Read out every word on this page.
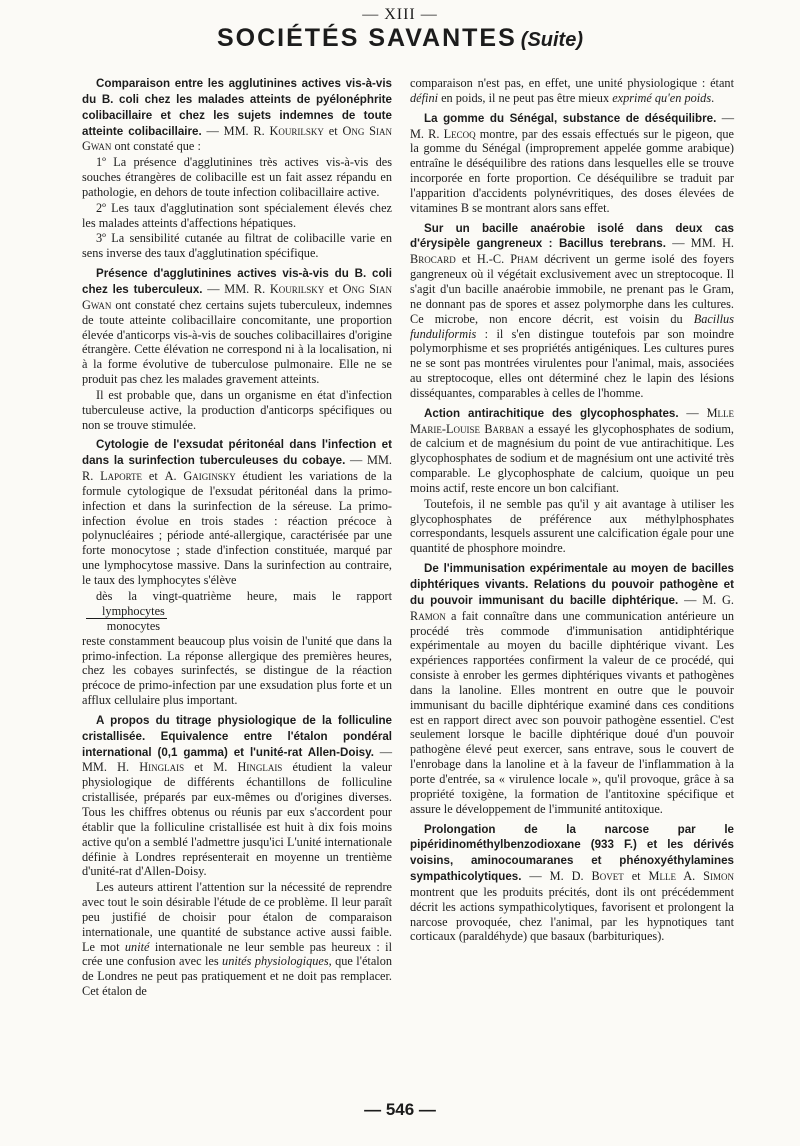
— XIII —
SOCIÉTÉS SAVANTES (Suite)

Comparaison entre les agglutinines actives vis-à-vis du B. coli chez les malades atteints de pyélonéphrite colibacillaire et chez les sujets indemnes de toute atteinte colibacillaire. — MM. R. Kourilsky et Ong Sian Gwan ont constaté que :

1º La présence d'agglutinines très actives vis-à-vis des souches étrangères de colibacille est un fait assez répandu en pathologie, en dehors de toute infection colibacillaire active.

2º Les taux d'agglutination sont spécialement élevés chez les malades atteints d'affections hépatiques.

3º La sensibilité cutanée au filtrat de colibacille varie en sens inverse des taux d'agglutination spécifique.

Présence d'agglutinines actives vis-à-vis du B. coli chez les tuberculeux. — MM. R. Kourilsky et Ong Sian Gwan ont constaté chez certains sujets tuberculeux, indemnes de toute atteinte colibacillaire concomitante, une proportion élevée d'anticorps vis-à-vis de souches colibacillaires d'origine étrangère. Cette élévation ne correspond ni à la localisation, ni à la forme évolutive de tuberculose pulmonaire. Elle ne se produit pas chez les malades gravement atteints.

Il est probable que, dans un organisme en état d'infection tuberculeuse active, la production d'anticorps spécifiques ou non se trouve stimulée.

Cytologie de l'exsudat péritonéal dans l'infection et dans la surinfection tuberculeuses du cobaye. — MM. R. Laporte et A. Gaiginsky étudient les variations de la formule cytologique de l'exsudat péritonéal dans la primo-infection et dans la surinfection de la séreuse. La primo-infection évolue en trois stades : réaction précoce à polynucléaires ; période anté-allergique, caractérisée par une forte monocytose ; stade d'infection constituée, marqué par une lymphocytose massive. Dans la surinfection au contraire, le taux des lymphocytes s'élève

dès la vingt-quatrième heure, mais le rapport
$\frac{\text{lymphocytes}}{\text{monocytes}}$

reste constamment beaucoup plus voisin de l'unité que dans la primo-infection. La réponse allergique des premières heures, chez les cobayes surinfectés, se distingue de la réaction précoce de primo-infection par une exsudation plus forte et un afflux cellulaire plus important.

A propos du titrage physiologique de la folliculine cristallisée. Equivalence entre l'étalon pondéral international (0,1 gamma) et l'unité-rat Allen-Doisy. — MM. H. Hinglais et M. Hinglais étudient la valeur physiologique de différents échantillons de folliculine cristallisée, préparés par eux-mêmes ou d'origines diverses. Tous les chiffres obtenus ou réunis par eux s'accordent pour établir que la folliculine cristallisée est huit à dix fois moins active qu'on a semblé l'admettre jusqu'ici L'unité internationale définie à Londres représenterait en moyenne un trentième d'unité-rat d'Allen-Doisy.

Les auteurs attirent l'attention sur la nécessité de reprendre avec tout le soin désirable l'étude de ce problème. Il leur paraît peu justifié de choisir pour étalon de comparaison internationale, une quantité de substance active aussi faible. Le mot unité internationale ne leur semble pas heureux : il crée une confusion avec les unités physiologiques, que l'étalon de Londres ne peut pas pratiquement et ne doit pas remplacer. Cet étalon de

comparaison n'est pas, en effet, une unité physiologique : étant défini en poids, il ne peut pas être mieux exprimé qu'en poids.

La gomme du Sénégal, substance de déséquilibre. — M. R. Lecoq montre, par des essais effectués sur le pigeon, que la gomme du Sénégal (improprement appelée gomme arabique) entraîne le déséquilibre des rations dans lesquelles elle se trouve incorporée en forte proportion. Ce déséquilibre se traduit par l'apparition d'accidents polynévritiques, des doses élevées de vitamines B se montrant alors sans effet.

Sur un bacille anaérobie isolé dans deux cas d'érysipèle gangreneux : Bacillus terebrans. — MM. H. Brocard et H.-C. Pham décrivent un germe isolé des foyers gangreneux où il végétait exclusivement avec un streptocoque. Il s'agit d'un bacille anaérobie immobile, ne prenant pas le Gram, ne donnant pas de spores et assez polymorphe dans les cultures. Ce microbe, non encore décrit, est voisin du Bacillus funduliformis : il s'en distingue toutefois par son moindre polymorphisme et ses propriétés antigéniques. Les cultures pures ne se sont pas montrées virulentes pour l'animal, mais, associées au streptocoque, elles ont déterminé chez le lapin des lésions disséquantes, comparables à celles de l'homme.

Action antirachitique des glycophosphates. — Mlle Marie-Louise Barban a essayé les glycophosphates de sodium, de calcium et de magnésium du point de vue antirachitique. Les glycophosphates de sodium et de magnésium ont une activité très comparable. Le glycophosphate de calcium, quoique un peu moins actif, reste encore un bon calcifiant.

Toutefois, il ne semble pas qu'il y ait avantage à utiliser les glycophosphates de préférence aux méthylphosphates correspondants, lesquels assurent une calcification égale pour une quantité de phosphore moindre.

De l'immunisation expérimentale au moyen de bacilles diphtériques vivants. Relations du pouvoir pathogène et du pouvoir immunisant du bacille diphtérique. — M. G. Ramon a fait connaître dans une communication antérieure un procédé très commode d'immunisation antidiphtérique expérimentale au moyen du bacille diphtérique vivant. Les expériences rapportées confirment la valeur de ce procédé, qui consiste à enrober les germes diphtériques vivants et pathogènes dans la lanoline. Elles montrent en outre que le pouvoir immunisant du bacille diphtérique examiné dans ces conditions est en rapport direct avec son pouvoir pathogène essentiel. C'est seulement lorsque le bacille diphtérique doué d'un pouvoir pathogène élevé peut exercer, sans entrave, sous le couvert de l'enrobage dans la lanoline et à la faveur de l'inflammation à la porte d'entrée, sa « virulence locale », qu'il provoque, grâce à sa propriété toxigène, la formation de l'antitoxine spécifique et assure le développement de l'immunité antitoxique.

Prolongation de la narcose par le pipéridinométhylbenzodioxane (933 F.) et les dérivés voisins, aminocoumaranes et phénoxyéthylamines sympathicolytiques. — M. D. Bovet et Mlle A. Simon montrent que les produits précités, dont ils ont précédemment décrit les actions sympathicolytiques, favorisent et prolongent la narcose provoquée, chez l'animal, par les hypnotiques tant corticaux (paraldéhyde) que basaux (barbituriques).

— 546 —
